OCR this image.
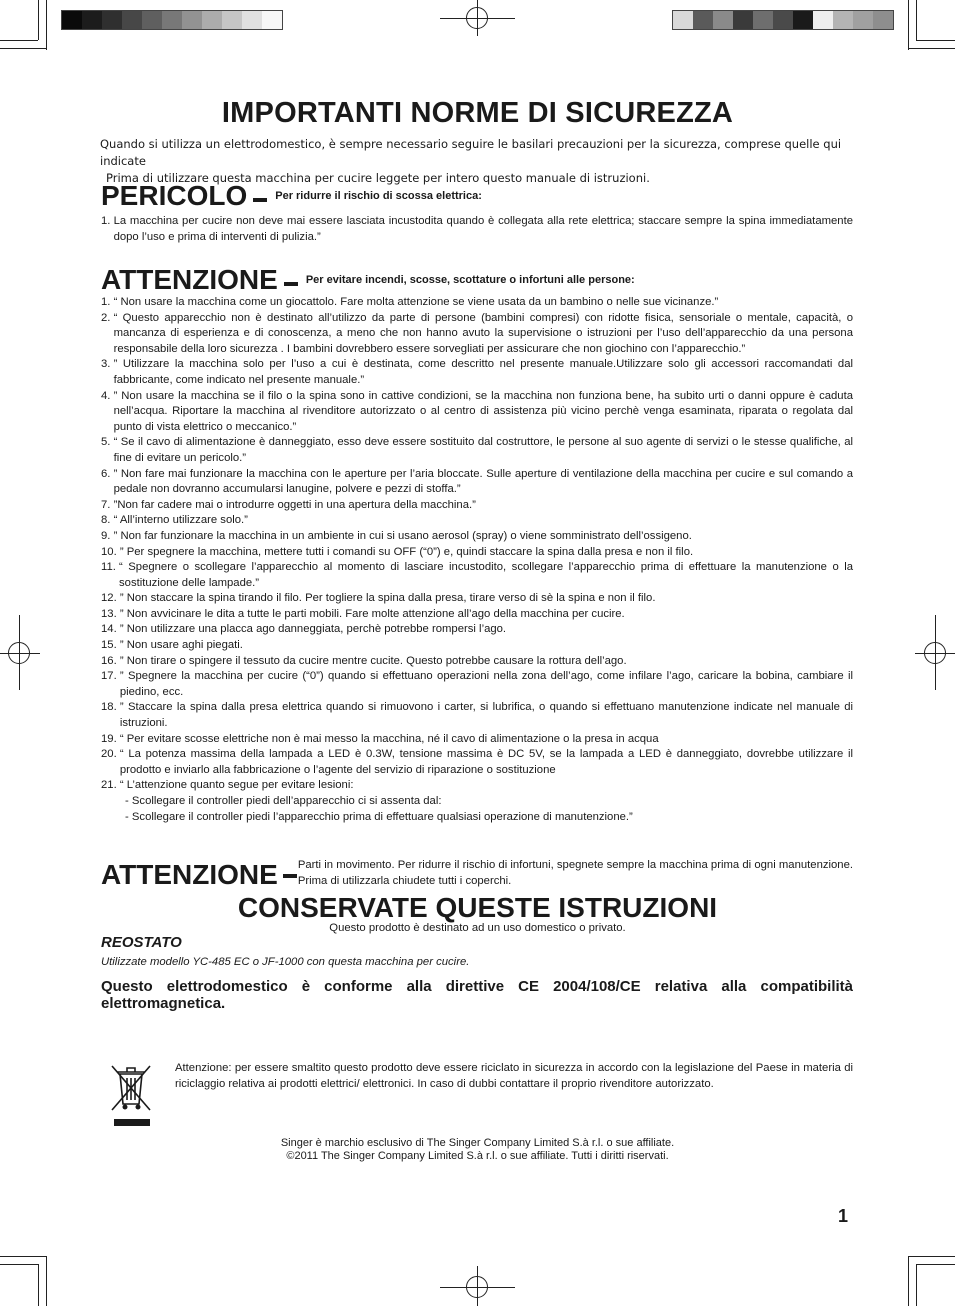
IMPORTANTI NORME DI SICUREZZA
Quando si utilizza un elettrodomestico, è sempre necessario seguire le basilari precauzioni per la sicurezza, comprese quelle qui indicate
Prima di utilizzare questa macchina per cucire leggete per intero questo manuale di istruzioni.
PERICOLO	Per ridurre il rischio di scossa elettrica:
1. La macchina per cucire non deve mai essere lasciata incustodita quando è collegata alla rete elettrica; staccare sempre la spina immediatamente dopo l’uso e prima di interventi di pulizia.”
ATTENZIONE	Per evitare incendi, scosse, scottature o infortuni alle persone:
1. “ Non usare la macchina come un giocattolo. Fare molta attenzione se viene usata da un bambino o nelle sue vicinanze.”
2. “ Questo apparecchio non è destinato all’utilizzo da parte di persone (bambini compresi) con ridotte fisica, sensoriale o mentale, capacità, o mancanza di esperienza e di conoscenza, a meno che non hanno avuto la supervisione o istruzioni per l’uso dell’apparecchio da una persona responsabile della loro sicurezza . I bambini dovrebbero essere sorvegliati per assicurare che non giochino con l’apparecchio.”
3. ” Utilizzare la macchina solo per l’uso a cui è destinata, come descritto nel presente manuale.Utilizzare solo gli accessori raccomandati dal fabbricante, come indicato nel presente manuale.”
4. ” Non usare la macchina se il filo o la spina sono in cattive condizioni, se la macchina non funziona bene, ha subito urti o danni oppure è caduta nell’acqua. Riportare la macchina al rivenditore autorizzato o al centro di assistenza più vicino perchè venga esaminata, riparata o regolata dal punto di vista elettrico o meccanico.”
5. “ Se il cavo di alimentazione è danneggiato, esso deve essere sostituito dal costruttore, le persone al suo agente di servizi o le stesse qualifiche, al fine di evitare un pericolo.”
6. ” Non fare mai funzionare la macchina con le aperture per l’aria bloccate. Sulle aperture di ventilazione della macchina per cucire e sul comando a pedale non dovranno accumularsi lanugine, polvere e pezzi di stoffa.”
7. ”Non far cadere mai o introdurre oggetti in una apertura della macchina.”
8. “ All’interno utilizzare solo.”
9. ” Non far funzionare la macchina in un ambiente in cui si usano aerosol (spray) o viene somministrato dell’ossigeno.
10. ” Per spegnere la macchina, mettere tutti i comandi su OFF (“0”) e, quindi staccare la spina dalla presa e non il filo.
11. “ Spegnere o scollegare l’apparecchio al momento di lasciare incustodito, scollegare l’apparecchio prima di effettuare la manutenzione o la sostituzione delle lampade.”
12. ” Non staccare la spina tirando il filo. Per togliere la spina dalla presa, tirare verso di sè la spina e non il filo.
13. ” Non avvicinare le dita a tutte le parti mobili. Fare molte attenzione all’ago della macchina per cucire.
14. ” Non utilizzare una placca ago danneggiata, perchè potrebbe rompersi l’ago.
15. ” Non usare aghi piegati.
16. ” Non tirare o spingere il tessuto da cucire mentre cucite. Questo potrebbe causare la rottura dell’ago.
17. ” Spegnere la macchina per cucire (“0”) quando si effettuano operazioni nella zona dell’ago, come infilare l’ago, caricare la bobina, cambiare il piedino, ecc.
18. ” Staccare la spina dalla presa elettrica quando si rimuovono i carter, si lubrifica, o quando si effettuano manutenzione indicate nel manuale di istruzioni.
19. “ Per evitare scosse elettriche non è mai messo la macchina, né il cavo di alimentazione o la presa in acqua
20. “ La potenza massima della lampada a LED è 0.3W, tensione massima è DC 5V, se la lampada a LED è danneggiato, dovrebbe utilizzare il prodotto e inviarlo alla fabbricazione o l’agente del servizio di riparazione o sostituzione
21. “ L’attenzione quanto segue per evitare lesioni:
- Scollegare il controller piedi dell’apparecchio ci si assenta dal:
- Scollegare il controller piedi l’apparecchio prima di effettuare qualsiasi operazione di manutenzione.”
ATTENZIONE Parti in movimento. Per ridurre il rischio di infortuni, spegnete sempre la macchina prima di ogni manutenzione. Prima di utilizzarla chiudete tutti i coperchi.
CONSERVATE QUESTE ISTRUZIONI
Questo prodotto è destinato ad un uso domestico o privato.
REOSTATO
Utilizzate modello YC-485 EC o JF-1000 con questa macchina per cucire.
Questo elettrodomestico è conforme alla direttive CE 2004/108/CE relativa alla compatibilità elettromagnetica.
Attenzione: per essere smaltito questo prodotto deve essere riciclato in sicurezza in accordo con la legislazione del Paese in materia di riciclaggio relativa ai prodotti elettrici/ elettronici. In caso di dubbi contattare il proprio rivenditore autorizzato.
Singer è marchio esclusivo di The Singer Company Limited S.à r.l. o sue affiliate.
©2011 The Singer Company Limited S.à r.l. o sue affiliate. Tutti i diritti riservati.
1
